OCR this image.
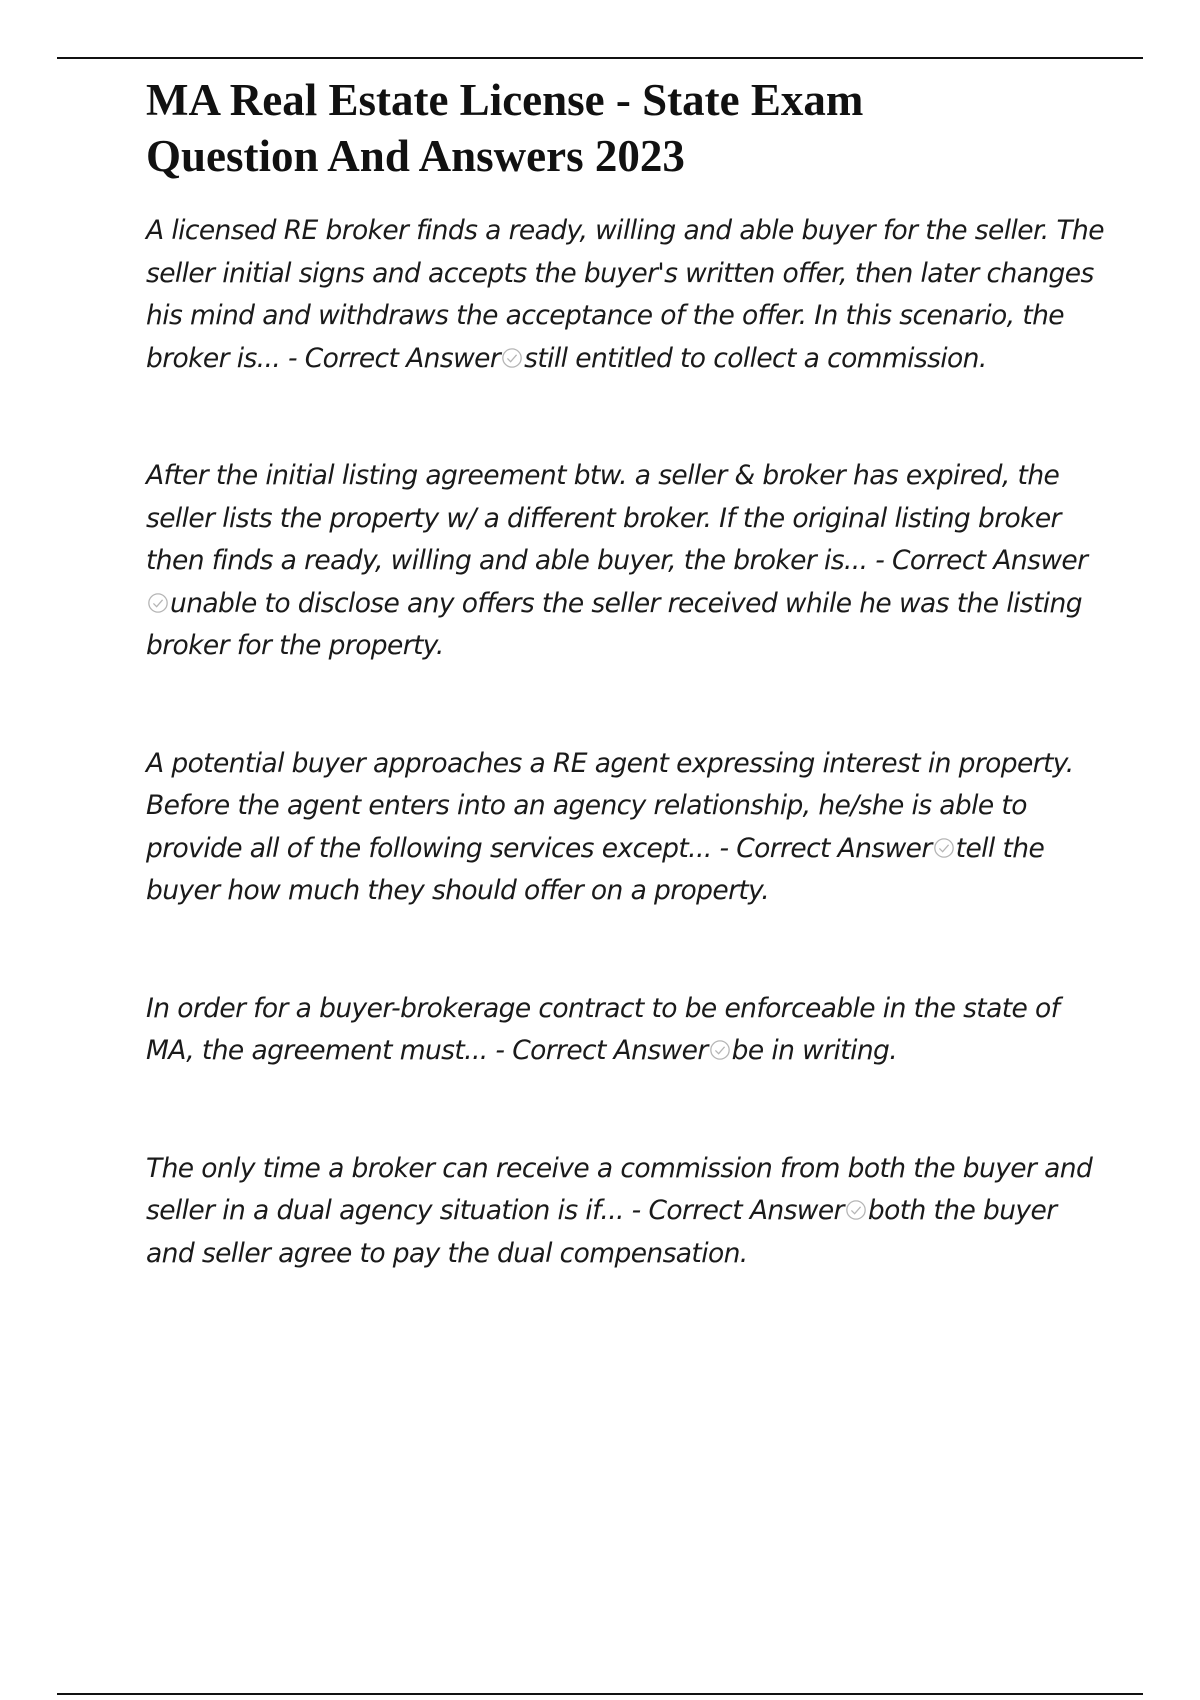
MA Real Estate License - State Exam
Question And Answers 2023

A licensed RE broker finds a ready, willing and able buyer for the seller. The seller initial signs and accepts the buyer's written offer, then later changes his mind and withdraws the acceptance of the offer. In this scenario, the broker is... - Correct Answer still entitled to collect a commission.

After the initial listing agreement btw. a seller & broker has expired, the seller lists the property w/ a different broker. If the original listing broker then finds a ready, willing and able buyer, the broker is... - Correct Answer
unable to disclose any offers the seller received while he was the listing broker for the property.

A potential buyer approaches a RE agent expressing interest in property. Before the agent enters into an agency relationship, he/she is able to provide all of the following services except... - Correct Answer tell the buyer how much they should offer on a property.

In order for a buyer-brokerage contract to be enforceable in the state of MA, the agreement must... - Correct Answer be in writing.

The only time a broker can receive a commission from both the buyer and seller in a dual agency situation is if... - Correct Answer both the buyer and seller agree to pay the dual compensation.
